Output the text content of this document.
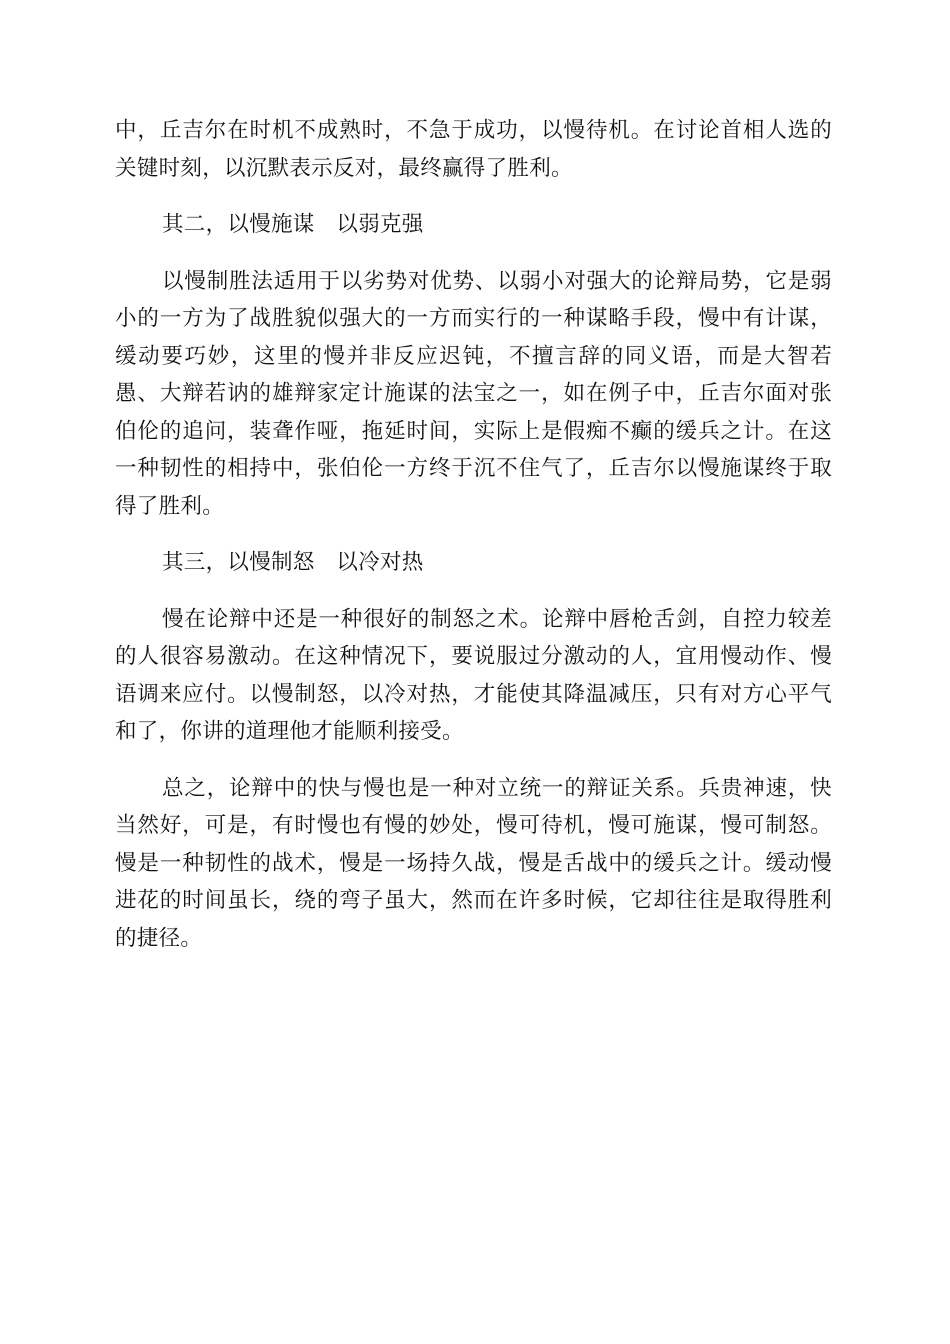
中，丘吉尔在时机不成熟时，不急于成功，以慢待机。在讨论首相人选的关键时刻，以沉默表示反对，最终赢得了胜利。

其二，以慢施谋　以弱克强

以慢制胜法适用于以劣势对优势、以弱小对强大的论辩局势，它是弱小的一方为了战胜貌似强大的一方而实行的一种谋略手段，慢中有计谋，缓动要巧妙，这里的慢并非反应迟钝，不擅言辞的同义语，而是大智若愚、大辩若讷的雄辩家定计施谋的法宝之一，如在例子中，丘吉尔面对张伯伦的追问，装聋作哑，拖延时间，实际上是假痴不癫的缓兵之计。在这一种韧性的相持中，张伯伦一方终于沉不住气了，丘吉尔以慢施谋终于取得了胜利。

其三，以慢制怒　以冷对热

慢在论辩中还是一种很好的制怒之术。论辩中唇枪舌剑，自控力较差的人很容易激动。在这种情况下，要说服过分激动的人，宜用慢动作、慢语调来应付。以慢制怒，以冷对热，才能使其降温减压，只有对方心平气和了，你讲的道理他才能顺利接受。

总之，论辩中的快与慢也是一种对立统一的辩证关系。兵贵神速，快当然好，可是，有时慢也有慢的妙处，慢可待机，慢可施谋，慢可制怒。慢是一种韧性的战术，慢是一场持久战，慢是舌战中的缓兵之计。缓动慢进花的时间虽长，绕的弯子虽大，然而在许多时候，它却往往是取得胜利的捷径。
